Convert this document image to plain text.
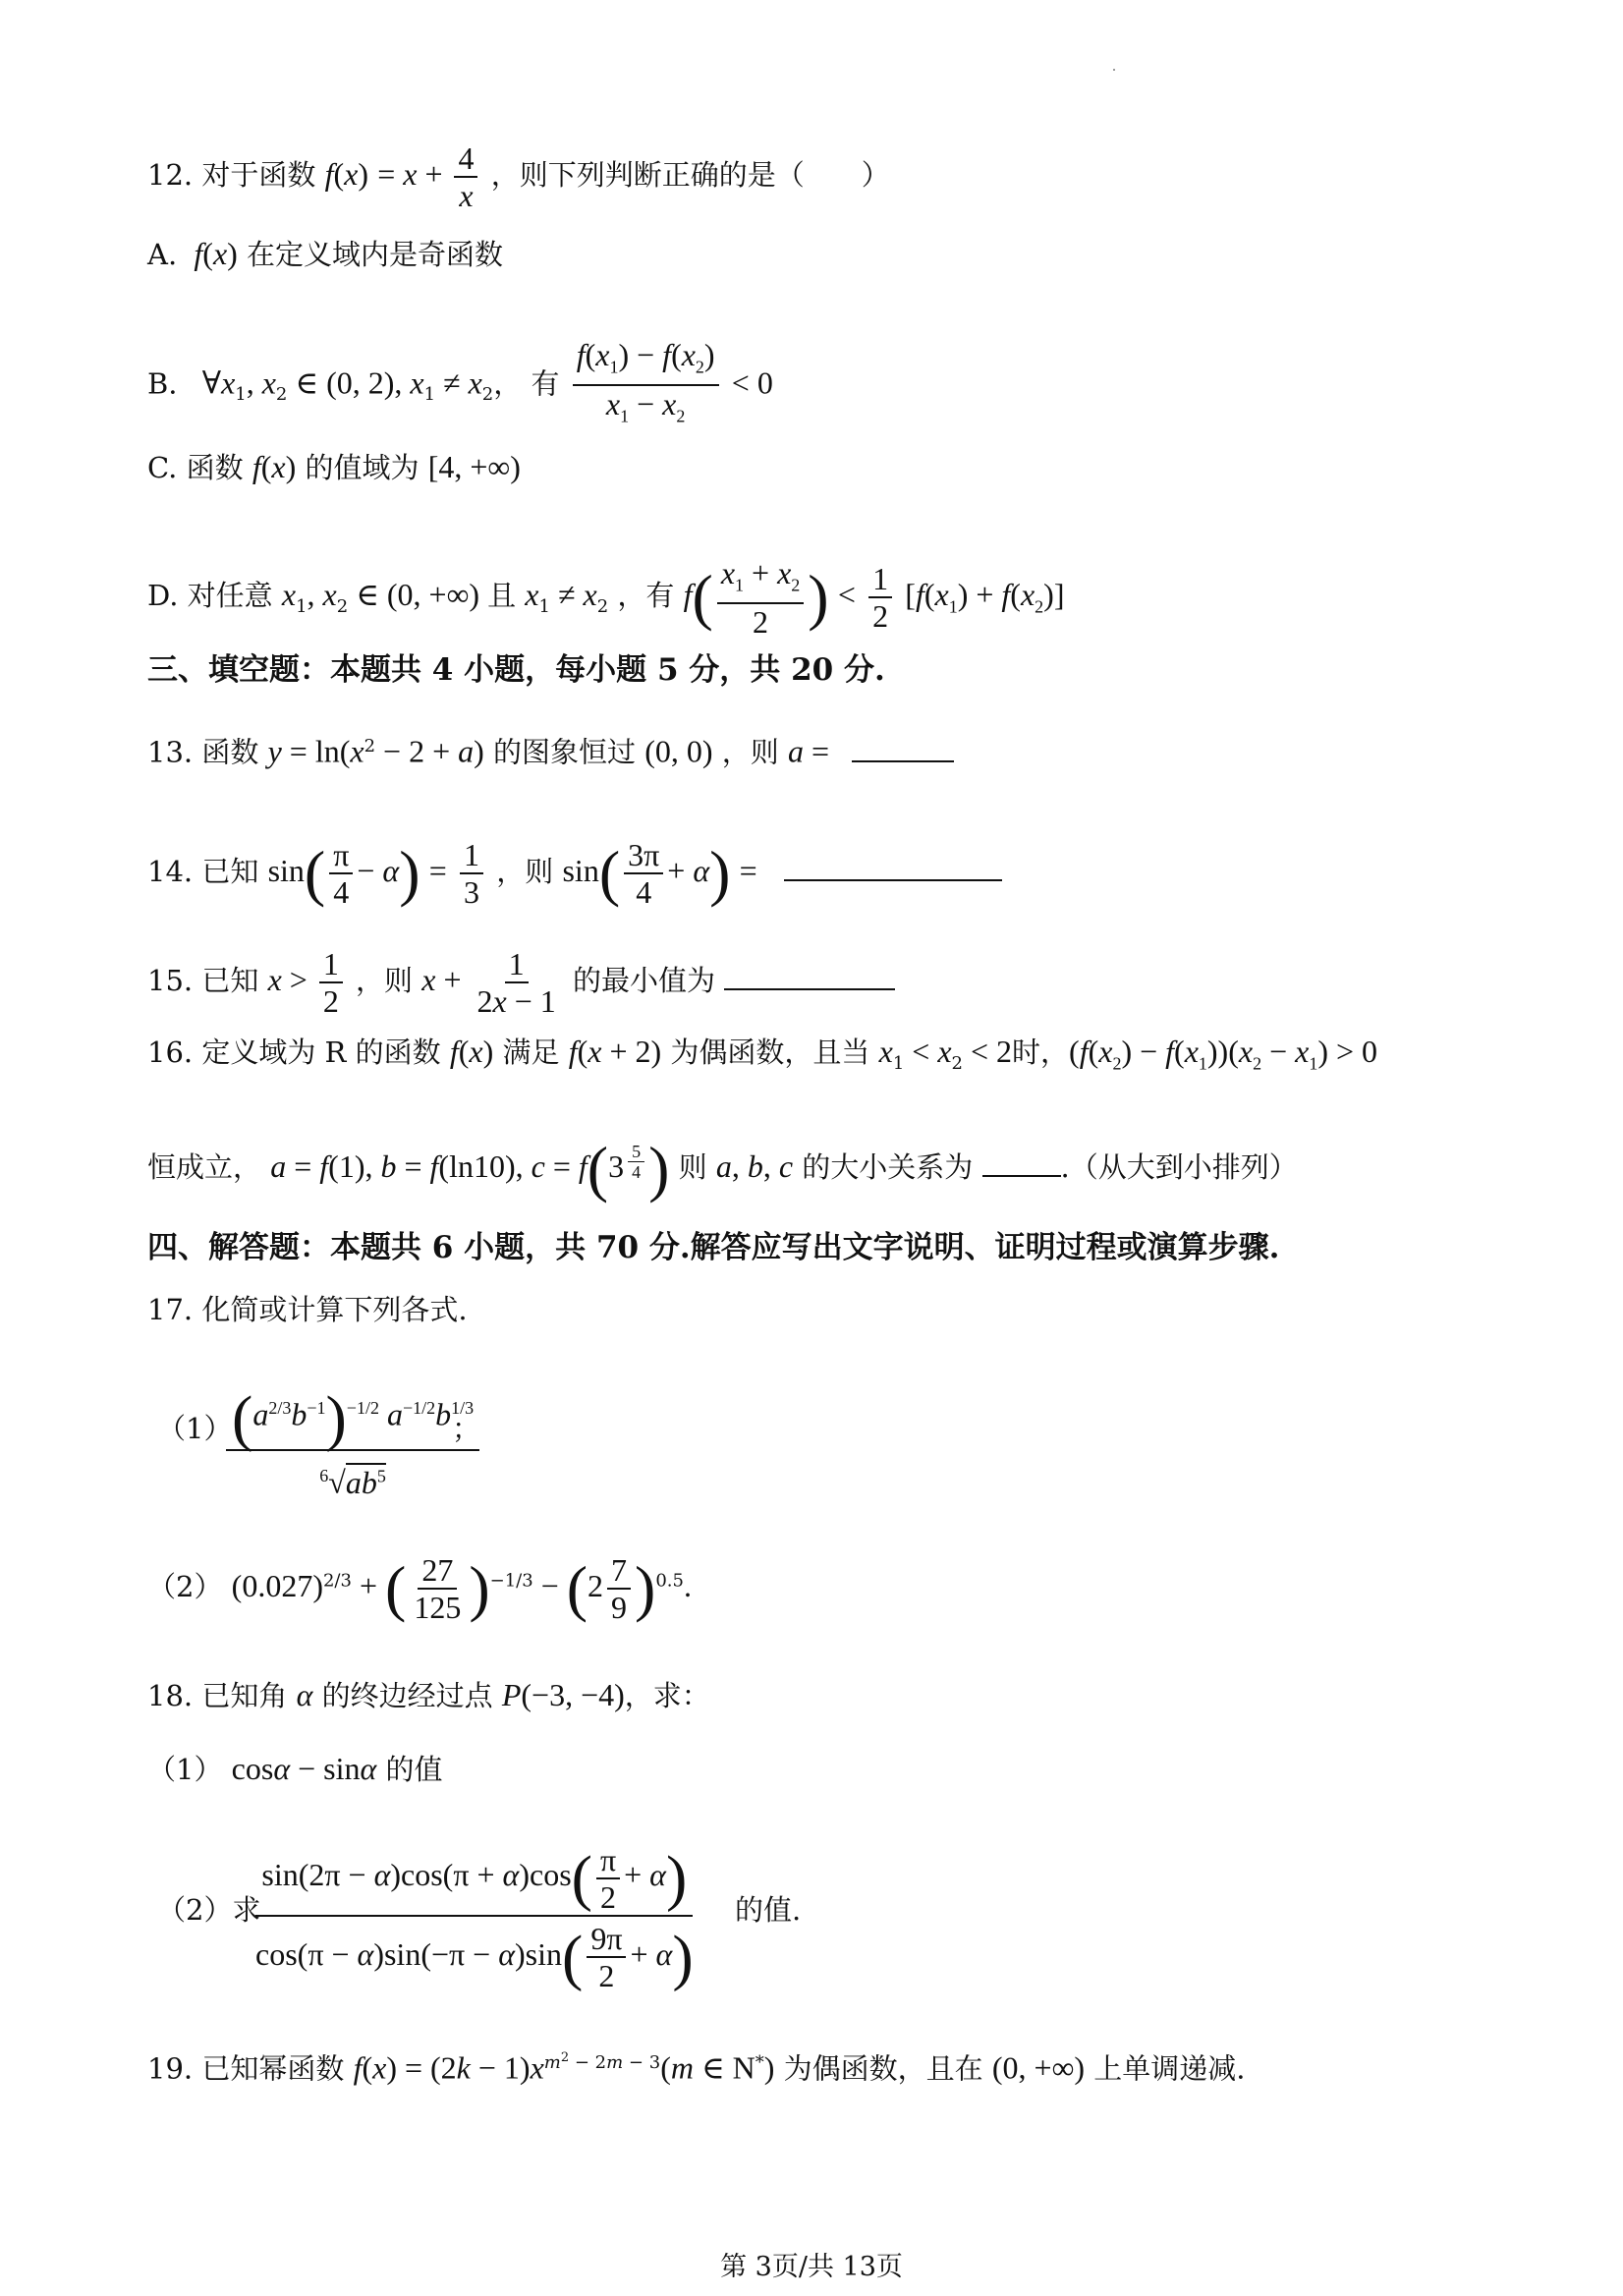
12. 对于函数 $f(x) = x + \frac{4}{x}$ ，则下列判断正确的是（　　）
A.  f(x) 在定义域内是奇函数
B.   $\forall x_1$, $x_2$ ∈ (0, 2), $x_1 \ne x_2$， 有 $\frac{f(x_1) - f(x_2)}{x_1 - x_2} < 0$
C. 函数 f(x) 的值域为 [4, +∞)
D. 对任意 $x_1$, $x_2$ ∈ (0, +∞) 且 $x_1 \ne x_2$ ，有 $f( \frac{x_1 + x_2}{2}$ ) < $\frac{1}{2} [f(x_1) + f(x_2)]$
三、填空题：本题共 4 小题，每小题 5 分，共 20 分.
13. 函数 $y = \ln(x^2 - 2 + a)$ 的图象恒过 (0, 0) ，则 a =
14. 已知 $\sin( \frac{\pi}{4} - \alpha) = \frac{1}{3}$ ，则 $\sin( \frac{3\pi}{4} + \alpha)$ =
15. 已知 $x > \frac{1}{2}$ ，则 $x + \frac{1}{2x - 1}$ 的最小值为
16. 定义域为 R 的函数 f(x) 满足 f(x + 2) 为偶函数，且当 $x_1 < x_2 < 2$时，$(f(x_2) - f(x_1))(x_2 - x_1) > 0$
恒成立， a = f(1), b = f(ln10), c = f(3 $^{\frac{5}{4}}$ ) 则 a, b, c 的大小关系为	.（从大到小排列）
四、解答题：本题共 6 小题，共 70 分.解答应写出文字说明、证明过程或演算步骤.
17. 化简或计算下列各式.
（1） $(a^{2/3}b^{-1})^{-1/2}$ $a^{-1/2}b^{1/3}$
$^6√ab^5$
；
（2） $(0.027)^{2/3}$ + ( $\frac{27}{125} )^{-1/3} - (2 \frac{7}{9} )^{0.5}$.
18. 已知角 α 的终边经过点 P(−3, −4)，求：
（1） cosα − sinα 的值
（2）求
$\sin(2\pi - \alpha)\cos(\pi + \alpha)\cos( \frac{\pi}{2} + \alpha)$
$\cos(\pi - \alpha)\sin(-\pi - \alpha)\sin( \frac{9\pi}{2} + \alpha)$
的值.
19. 已知幂函数 $f(x) = (2k - 1)x^{m^2 - 2m - 3}(m$ ∈ N*) 为偶函数，且在 (0, +∞) 上单调递减.
第 3页/共 13页
